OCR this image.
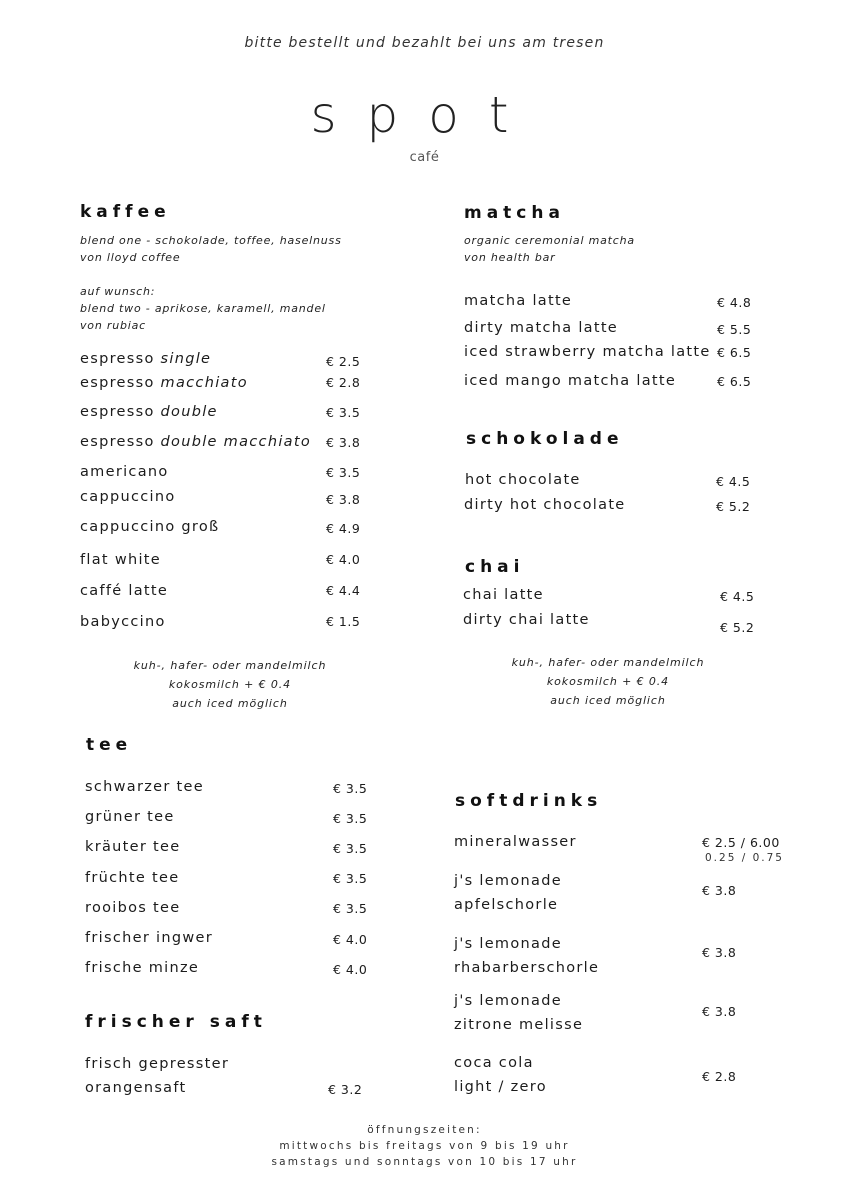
bitte bestellt und bezahlt bei uns am tresen
spot
café
kaffee
blend one - schokolade, toffee, haselnuss
von lloyd coffee
auf wunsch:
blend two - aprikose, karamell, mandel
von rubiac
espresso single	€ 2.5
espresso macchiato	€ 2.8
espresso double	€ 3.5
espresso double macchiato € 3.8
americano	€ 3.5
cappuccino	€ 3.8
cappuccino groß	€ 4.9
flat white	€ 4.0
caffé latte	€ 4.4
babyccino	€ 1.5
kuh-, hafer- oder mandelmilch
kokosmilch + € 0.4
auch iced möglich
matcha
organic ceremonial matcha
von health bar
matcha latte	€ 4.8
dirty matcha latte	€ 5.5
iced strawberry matcha latte € 6.5
iced mango matcha latte	€ 6.5
schokolade
hot chocolate	€ 4.5
dirty hot chocolate	€ 5.2
chai
chai latte	€ 4.5
dirty chai latte	€ 5.2
kuh-, hafer- oder mandelmilch
kokosmilch + € 0.4
auch iced möglich
tee
schwarzer tee	€ 3.5
grüner tee	€ 3.5
kräuter tee	€ 3.5
früchte tee	€ 3.5
rooibos tee	€ 3.5
frischer ingwer	€ 4.0
frische minze	€ 4.0
frischer saft
frisch gepresster
orangensaft	€ 3.2
softdrinks
mineralwasser	€ 2.5 / 6.00
0.25 / 0.75
j's lemonade
apfelschorle
€ 3.8
j's lemonade
rhabarberschorle
€ 3.8
j's lemonade
zitrone melisse
€ 3.8
coca cola
light / zero
€ 2.8
öffnungszeiten:
mittwochs bis freitags von 9 bis 19 uhr
samstags und sonntags von 10 bis 17 uhr
